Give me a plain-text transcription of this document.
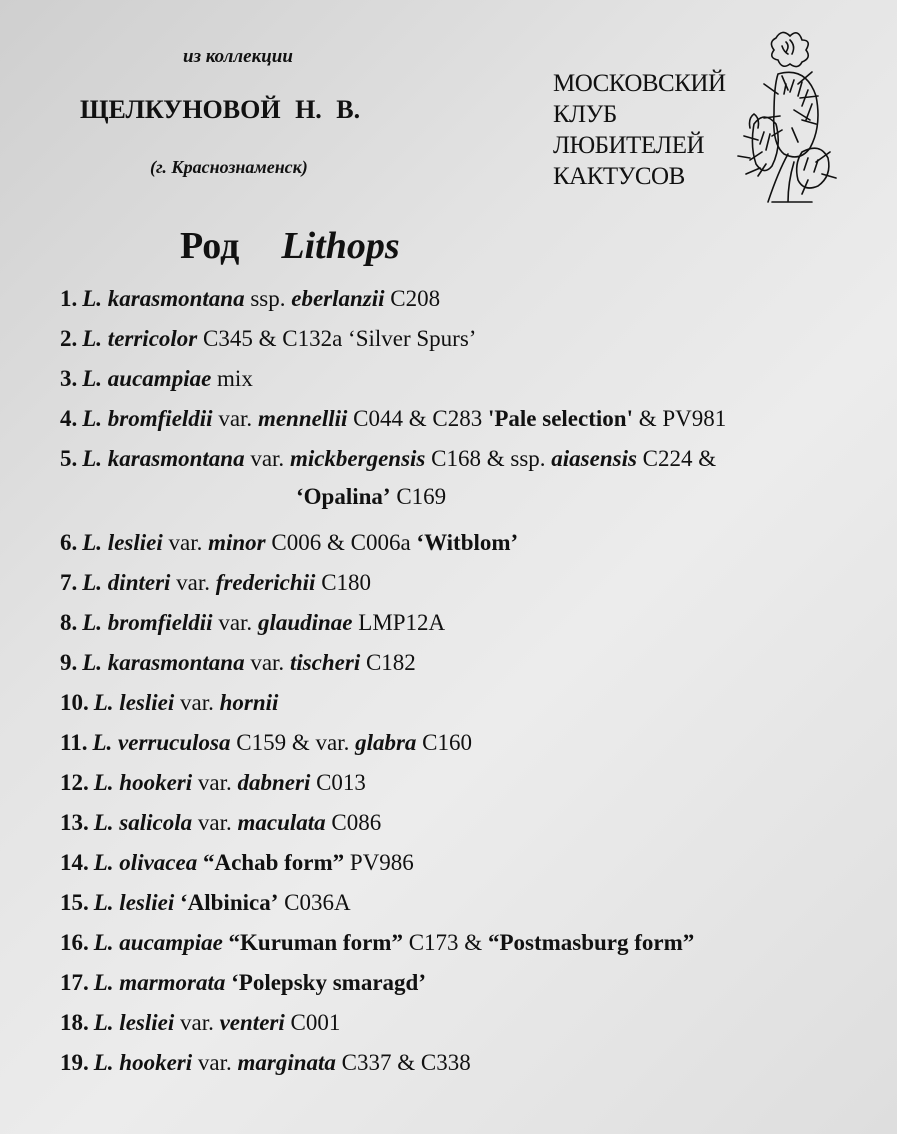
из коллекции
ЩЕЛКУНОВОЙ Н. В.
(г. Краснознаменск)
МОСКОВСКИЙ
КЛУБ
ЛЮБИТЕЛЕЙ
КАКТУСОВ
Род Lithops
1. L. karasmontana ssp. eberlanzii C208
2. L. terricolor C345 & C132a ‘Silver Spurs’
3. L. aucampiae mix
4. L. bromfieldii var. mennellii C044 & C283 'Pale selection' & PV981
5. L. karasmontana var. mickbergensis C168 & ssp. aiasensis C224 &
‘Opalina’ C169
6. L. lesliei var. minor C006 & C006a ‘Witblom’
7. L. dinteri var. frederichii C180
8. L. bromfieldii var. glaudinae LMP12A
9. L. karasmontana var. tischeri C182
10. L. lesliei var. hornii
11. L. verruculosa C159 & var. glabra C160
12. L. hookeri var. dabneri C013
13. L. salicola var. maculata C086
14. L. olivacea “Achab form” PV986
15. L. lesliei ‘Albinica’ C036A
16. L. aucampiae “Kuruman form” C173 & “Postmasburg form”
17. L. marmorata ‘Polepsky smaragd’
18. L. lesliei var. venteri C001
19. L. hookeri var. marginata C337 & C338
